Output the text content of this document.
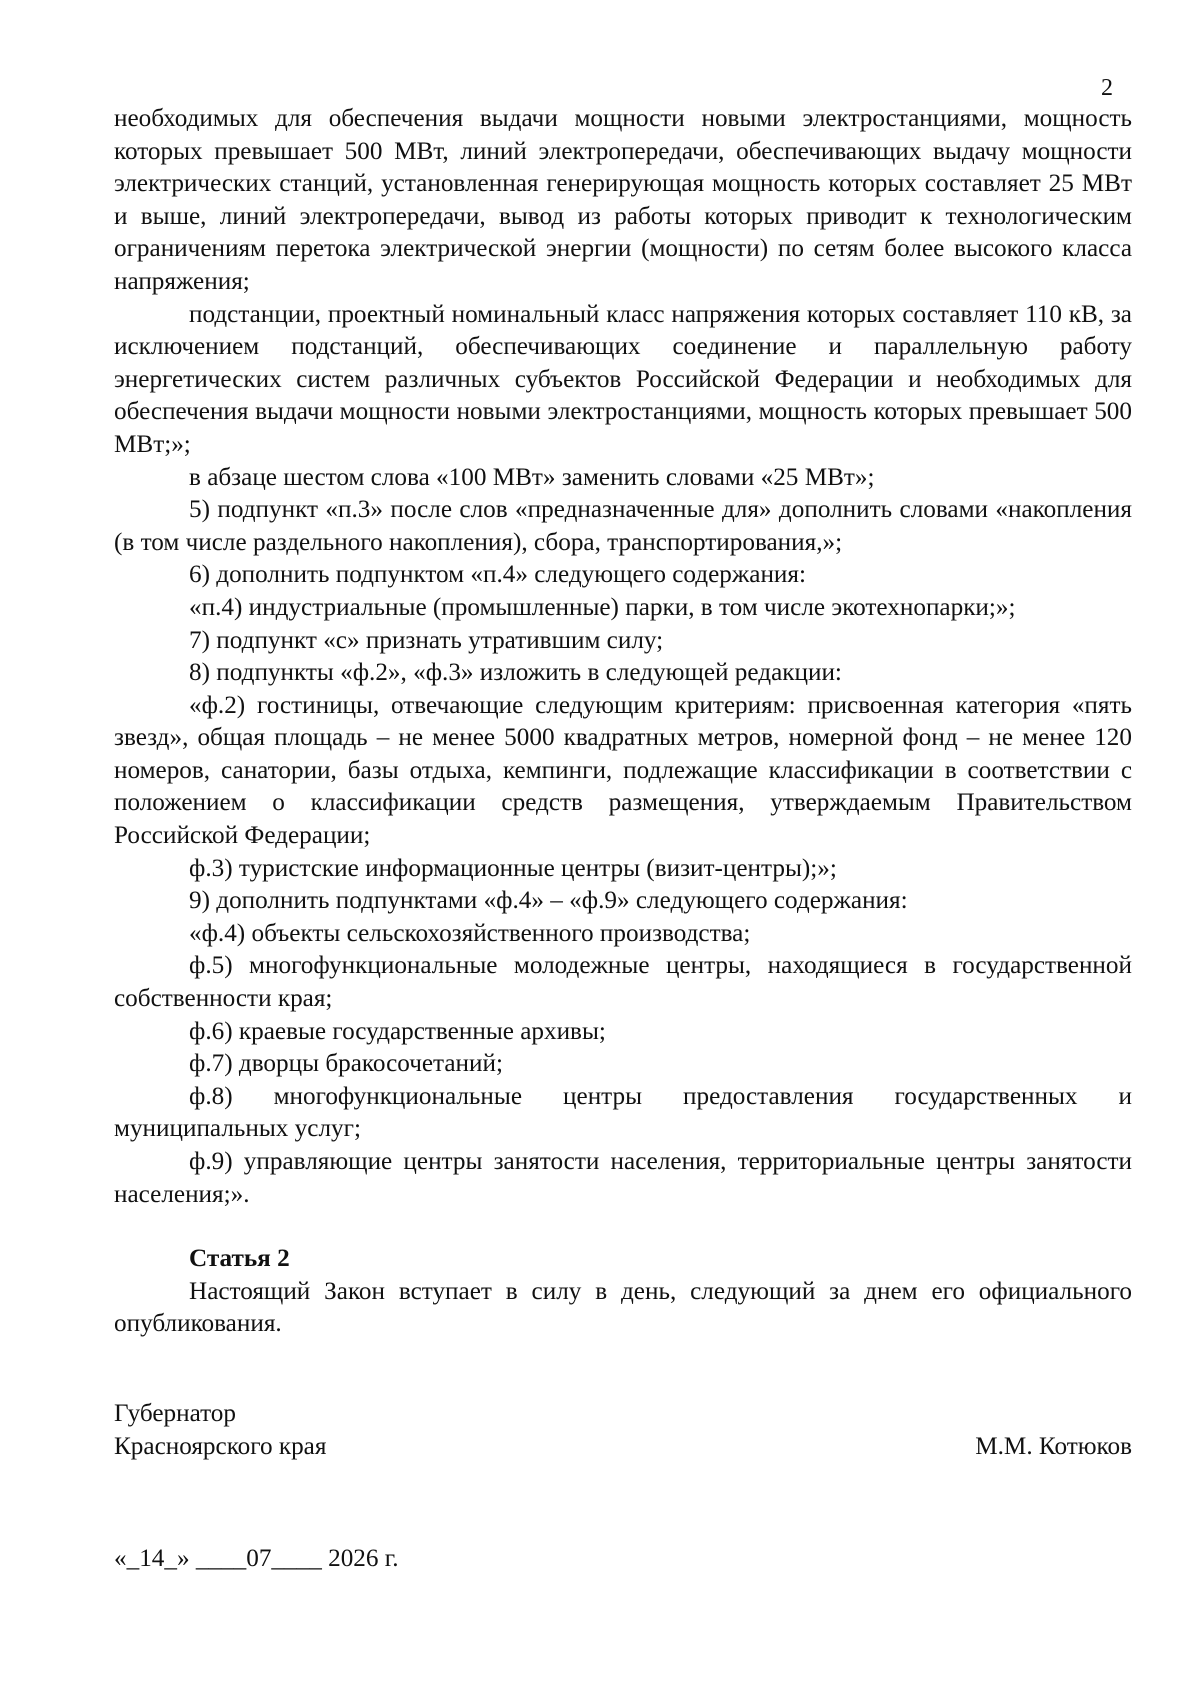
2

необходимых для обеспечения выдачи мощности новыми электростанциями, мощность которых превышает 500 МВт, линий электропередачи, обеспечивающих выдачу мощности электрических станций, установленная генерирующая мощность которых составляет 25 МВт и выше, линий электропередачи, вывод из работы которых приводит к технологическим ограничениям перетока электрической энергии (мощности) по сетям более высокого класса напряжения;

подстанции, проектный номинальный класс напряжения которых составляет 110 кВ, за исключением подстанций, обеспечивающих соединение и параллельную работу энергетических систем различных субъектов Российской Федерации и необходимых для обеспечения выдачи мощности новыми электростанциями, мощность которых превышает 500 МВт;»;

в абзаце шестом слова «100 МВт» заменить словами «25 МВт»;

5) подпункт «п.3» после слов «предназначенные для» дополнить словами «накопления (в том числе раздельного накопления), сбора, транспортирования,»;

6) дополнить подпунктом «п.4» следующего содержания:

«п.4) индустриальные (промышленные) парки, в том числе экотехнопарки;»;

7) подпункт «с» признать утратившим силу;

8) подпункты «ф.2», «ф.3» изложить в следующей редакции:

«ф.2) гостиницы, отвечающие следующим критериям: присвоенная категория «пять звезд», общая площадь – не менее 5000 квадратных метров, номерной фонд – не менее 120 номеров, санатории, базы отдыха, кемпинги, подлежащие классификации в соответствии с положением о классификации средств размещения, утверждаемым Правительством Российской Федерации;

ф.3) туристские информационные центры (визит-центры);»;

9) дополнить подпунктами «ф.4» – «ф.9» следующего содержания:

«ф.4) объекты сельскохозяйственного производства;

ф.5) многофункциональные молодежные центры, находящиеся в государственной собственности края;

ф.6) краевые государственные архивы;

ф.7) дворцы бракосочетаний;

ф.8) многофункциональные центры предоставления государственных и муниципальных услуг;

ф.9) управляющие центры занятости населения, территориальные центры занятости населения;».

Статья 2

Настоящий Закон вступает в силу в день, следующий за днем его официального опубликования.

Губернатор
Красноярского края	М.М. Котюков
«_14_» ____07____ 2026 г.
